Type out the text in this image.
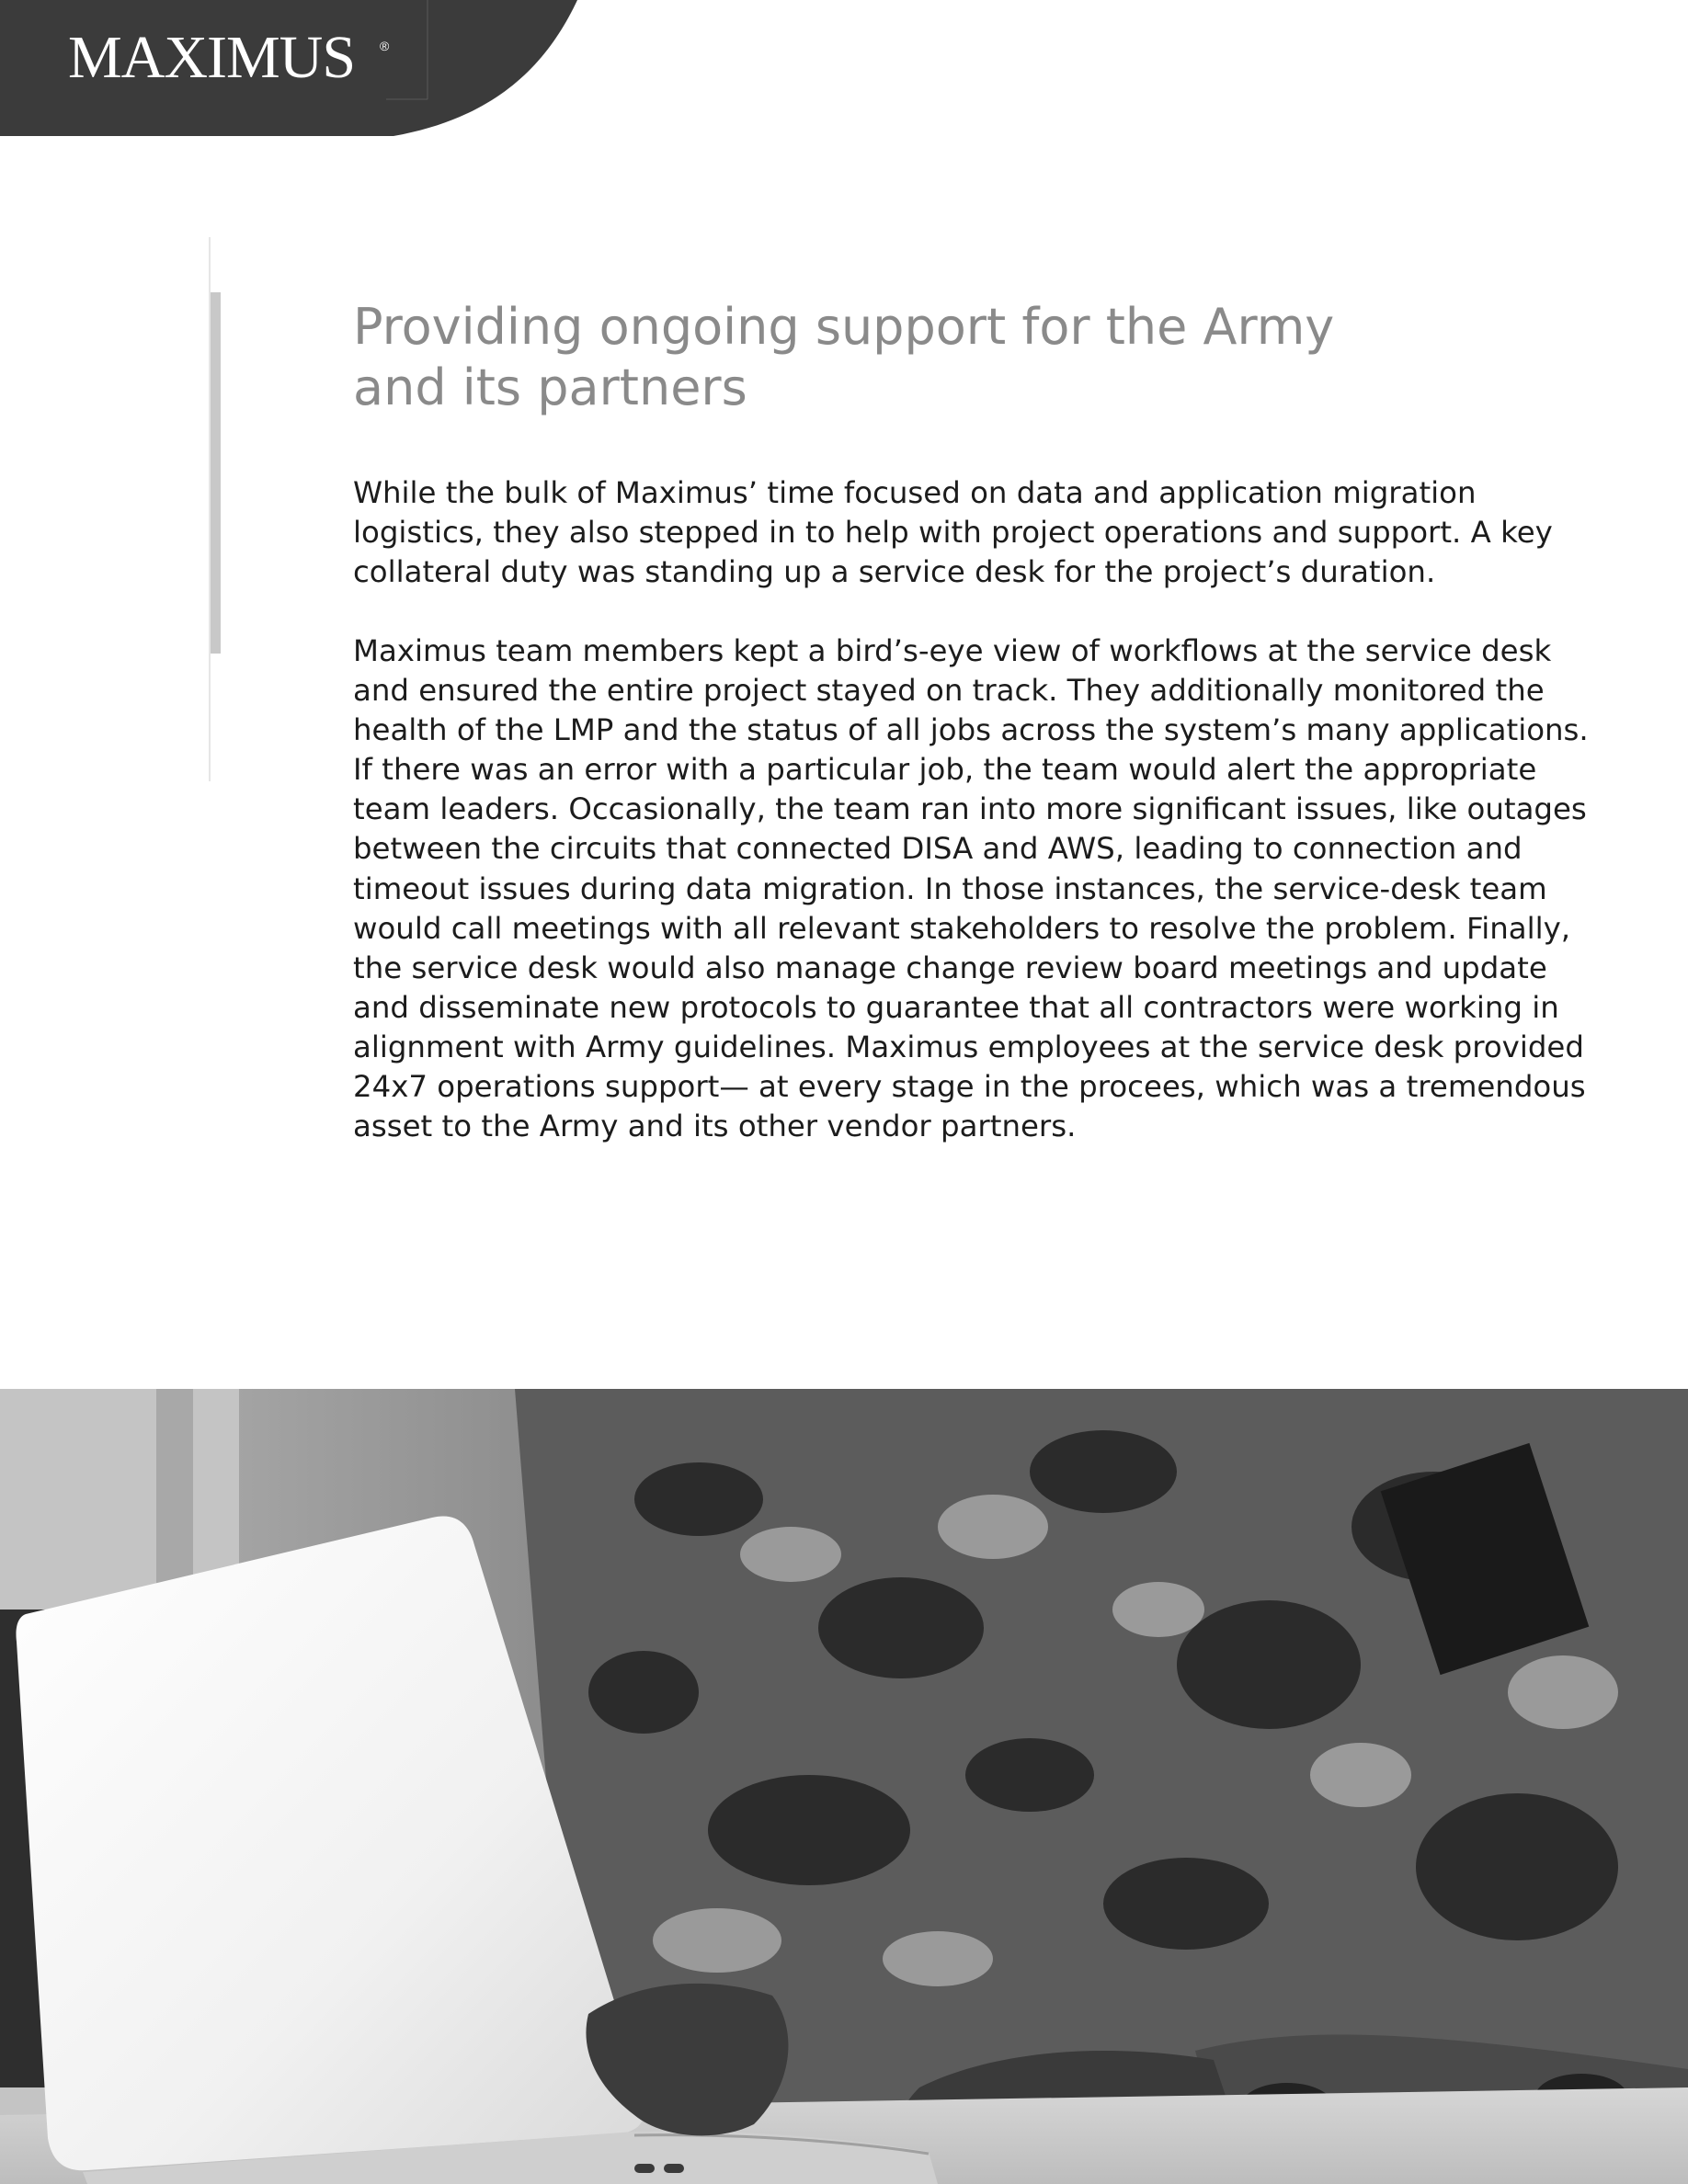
MAXIMUS ®
Providing ongoing support for the Army
and its partners

While the bulk of Maximus’ time focused on data and application migration
logistics, they also stepped in to help with project operations and support. A key
collateral duty was standing up a service desk for the project’s duration.

Maximus team members kept a bird’s-eye view of workflows at the service desk
and ensured the entire project stayed on track. They additionally monitored the
health of the LMP and the status of all jobs across the system’s many applications.
If there was an error with a particular job, the team would alert the appropriate
team leaders. Occasionally, the team ran into more significant issues, like outages
between the circuits that connected DISA and AWS, leading to connection and
timeout issues during data migration. In those instances, the service-desk team
would call meetings with all relevant stakeholders to resolve the problem. Finally,
the service desk would also manage change review board meetings and update
and disseminate new protocols to guarantee that all contractors were working in
alignment with Army guidelines. Maximus employees at the service desk provided
24x7 operations support— at every stage in the procees, which was a tremendous
asset to the Army and its other vendor partners.
